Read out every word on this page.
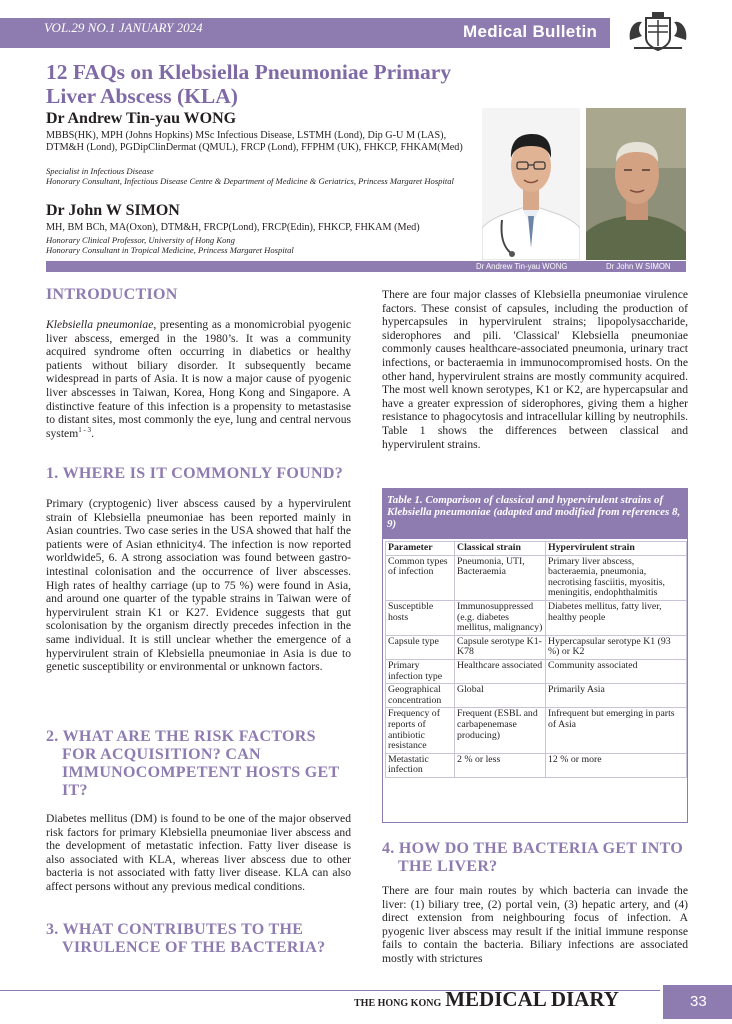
VOL.29 NO.1 JANUARY 2024	Medical Bulletin
12 FAQs on Klebsiella Pneumoniae Primary Liver Abscess (KLA)
Dr Andrew Tin-yau WONG
MBBS(HK), MPH (Johns Hopkins) MSc Infectious Disease, LSTMH (Lond), Dip G-U M (LAS), DTM&H (Lond), PGDipClinDermat (QMUL), FRCP (Lond), FFPHM (UK), FHKCP, FHKAM(Med)
Specialist in Infectious Disease
Honorary Consultant, Infectious Disease Centre & Department of Medicine & Geriatrics, Princess Margaret Hospital
Dr John W SIMON
MH, BM BCh, MA(Oxon), DTM&H, FRCP(Lond), FRCP(Edin), FHKCP, FHKAM (Med)
Honorary Clinical Professor, University of Hong Kong
Honorary Consultant in Tropical Medicine, Princess Margaret Hospital
Dr Andrew Tin-yau WONG	Dr John W SIMON
INTRODUCTION
Klebsiella pneumoniae, presenting as a monomicrobial pyogenic liver abscess, emerged in the 1980’s. It was a community acquired syndrome often occurring in diabetics or healthy patients without biliary disorder. It subsequently became widespread in parts of Asia. It is now a major cause of pyogenic liver abscesses in Taiwan, Korea, Hong Kong and Singapore. A distinctive feature of this infection is a propensity to metastasise to distant sites, most commonly the eye, lung and central nervous system$^{1 - 3}$.
1. WHERE IS IT COMMONLY FOUND?
Primary (cryptogenic) liver abscess caused by a hypervirulent strain of Klebsiella pneumoniae has been reported mainly in Asian countries. Two case series in the USA showed that half the patients were of Asian ethnicity4. The infection is now reported worldwide5, 6. A strong association was found between gastro-intestinal colonisation and the occurrence of liver abscesses. High rates of healthy carriage (up to 75 %) were found in Asia, and around one quarter of the typable strains in Taiwan were of hypervirulent strain K1 or K27. Evidence suggests that gut scolonisation by the organism directly precedes infection in the same individual. It is still unclear whether the emergence of a hypervirulent strain of Klebsiella pneumoniae in Asia is due to genetic susceptibility or environmental or unknown factors.
2. WHAT ARE THE RISK FACTORS FOR ACQUISITION? CAN IMMUNOCOMPETENT HOSTS GET IT?
Diabetes mellitus (DM) is found to be one of the major observed risk factors for primary Klebsiella pneumoniae liver abscess and the development of metastatic infection. Fatty liver disease is also associated with KLA, whereas liver abscess due to other bacteria is not associated with fatty liver disease. KLA can also affect persons without any previous medical conditions.
3. WHAT CONTRIBUTES TO THE VIRULENCE OF THE BACTERIA?
There are four major classes of Klebsiella pneumoniae virulence factors. These consist of capsules, including the production of hypercapsules in hypervirulent strains; lipopolysaccharide, siderophores and pili. 'Classical' Klebsiella pneumoniae commonly causes healthcare-associated pneumonia, urinary tract infections, or bacteraemia in immunocompromised hosts. On the other hand, hypervirulent strains are mostly community acquired. The most well known serotypes, K1 or K2, are hypercapsular and have a greater expression of siderophores, giving them a higher resistance to phagocytosis and intracellular killing by neutrophils. Table 1 shows the differences between classical and hypervirulent strains.
Table 1. Comparison of classical and hypervirulent strains of Klebsiella pneumoniae (adapted and modified from references 8, 9)
Parameter	Classical strain	Hypervirulent strain
Common types of infection	Pneumonia, UTI, Bacteraemia	Primary liver abscess, bacteraemia, pneumonia, necrotising fasciitis, myositis, meningitis, endophthalmitis
Susceptible hosts	Immunosuppressed (e.g. diabetes mellitus, malignancy)	Diabetes mellitus, fatty liver, healthy people
Capsule type	Capsule serotype K1-K78	Hypercapsular serotype K1 (93 %) or K2
Primary infection type	Healthcare associated	Community associated
Geographical concentration	Global	Primarily Asia
Frequency of reports of antibiotic resistance	Frequent (ESBL and carbapenemase producing)	Infrequent but emerging in parts of Asia
Metastatic infection	2 % or less	12 % or more
4. HOW DO THE BACTERIA GET INTO THE LIVER?
There are four main routes by which bacteria can invade the liver: (1) biliary tree, (2) portal vein, (3) hepatic artery, and (4) direct extension from neighbouring focus of infection. A pyogenic liver abscess may result if the initial immune response fails to contain the bacteria. Biliary infections are associated mostly with strictures
THE HONG KONG MEDICAL DIARY	33
